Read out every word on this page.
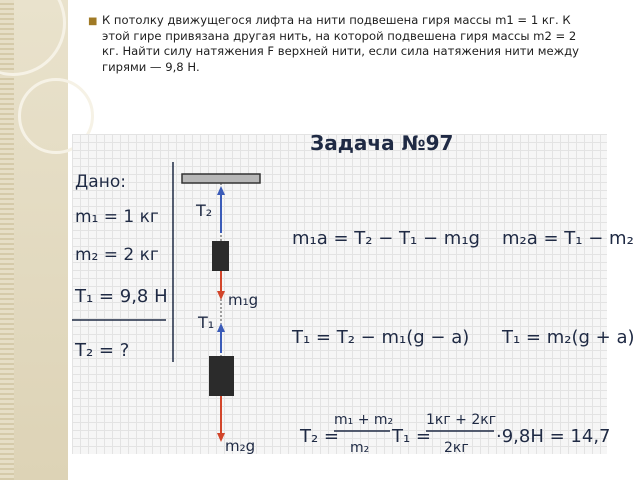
■ К потолку движущегося лифта на нити подвешена гиря массы m1 = 1 кг. К этой гире привязана другая нить, на которой подвешена гиря массы m2 = 2 кг. Найти силу натяжения F верхней нити, если сила натяжения нити между гирями — 9,8 Н.
Задача №97
Дано:
m₁ = 1 кг
m₂ = 2 кг
T₁ = 9,8 Н
T₂ = ?
T₂
m₁g
T₁
m₂g
m₁a = T₂ − T₁ − m₁g m₂a = T₁ − m₂
T₁ = T₂ − m₁(g − a) T₁ = m₂(g + a)
T₂ =
m₁ + m₂
m₂
T₁ =
1кг + 2кг
2кг
·9,8Н = 14,7
